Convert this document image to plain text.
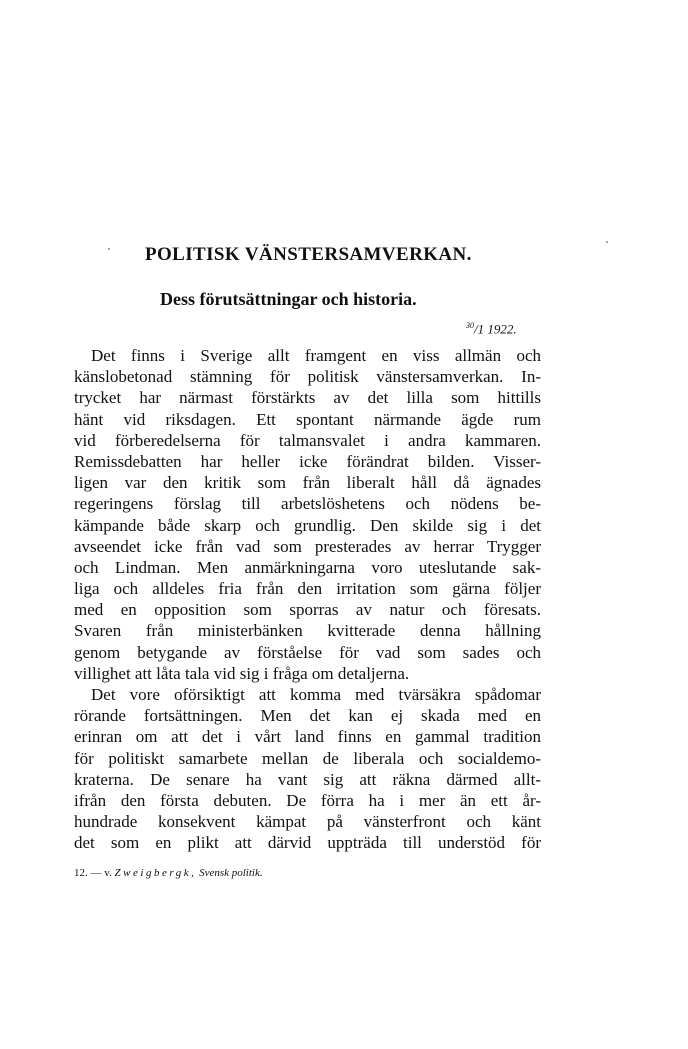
POLITISK VÄNSTERSAMVERKAN.
Dess förutsättningar och historia.
$^{30}$/1 1922.
Det finns i Sverige allt framgent en viss allmän och
känslobetonad stämning för politisk vänstersamverkan. In-
trycket har närmast förstärkts av det lilla som hittills
hänt vid riksdagen. Ett spontant närmande ägde rum
vid förberedelserna för talmansvalet i andra kammaren.
Remissdebatten har heller icke förändrat bilden. Visser-
ligen var den kritik som från liberalt håll då ägnades
regeringens förslag till arbetslöshetens och nödens be-
kämpande både skarp och grundlig. Den skilde sig i det
avseendet icke från vad som presterades av herrar Trygger
och Lindman. Men anmärkningarna voro uteslutande sak-
liga och alldeles fria från den irritation som gärna följer
med en opposition som sporras av natur och föresats.
Svaren från ministerbänken kvitterade denna hållning
genom betygande av förståelse för vad som sades och
villighet att låta tala vid sig i fråga om detaljerna.
Det vore oförsiktigt att komma med tvärsäkra spådomar
rörande fortsättningen. Men det kan ej skada med en
erinran om att det i vårt land finns en gammal tradition
för politiskt samarbete mellan de liberala och socialdemo-
kraterna. De senare ha vant sig att räkna därmed allt-
ifrån den första debuten. De förra ha i mer än ett år-
hundrade konsekvent kämpat på vänsterfront och känt
det som en plikt att därvid uppträda till understöd för
12. — v. Zweigbergk, Svensk politik.
